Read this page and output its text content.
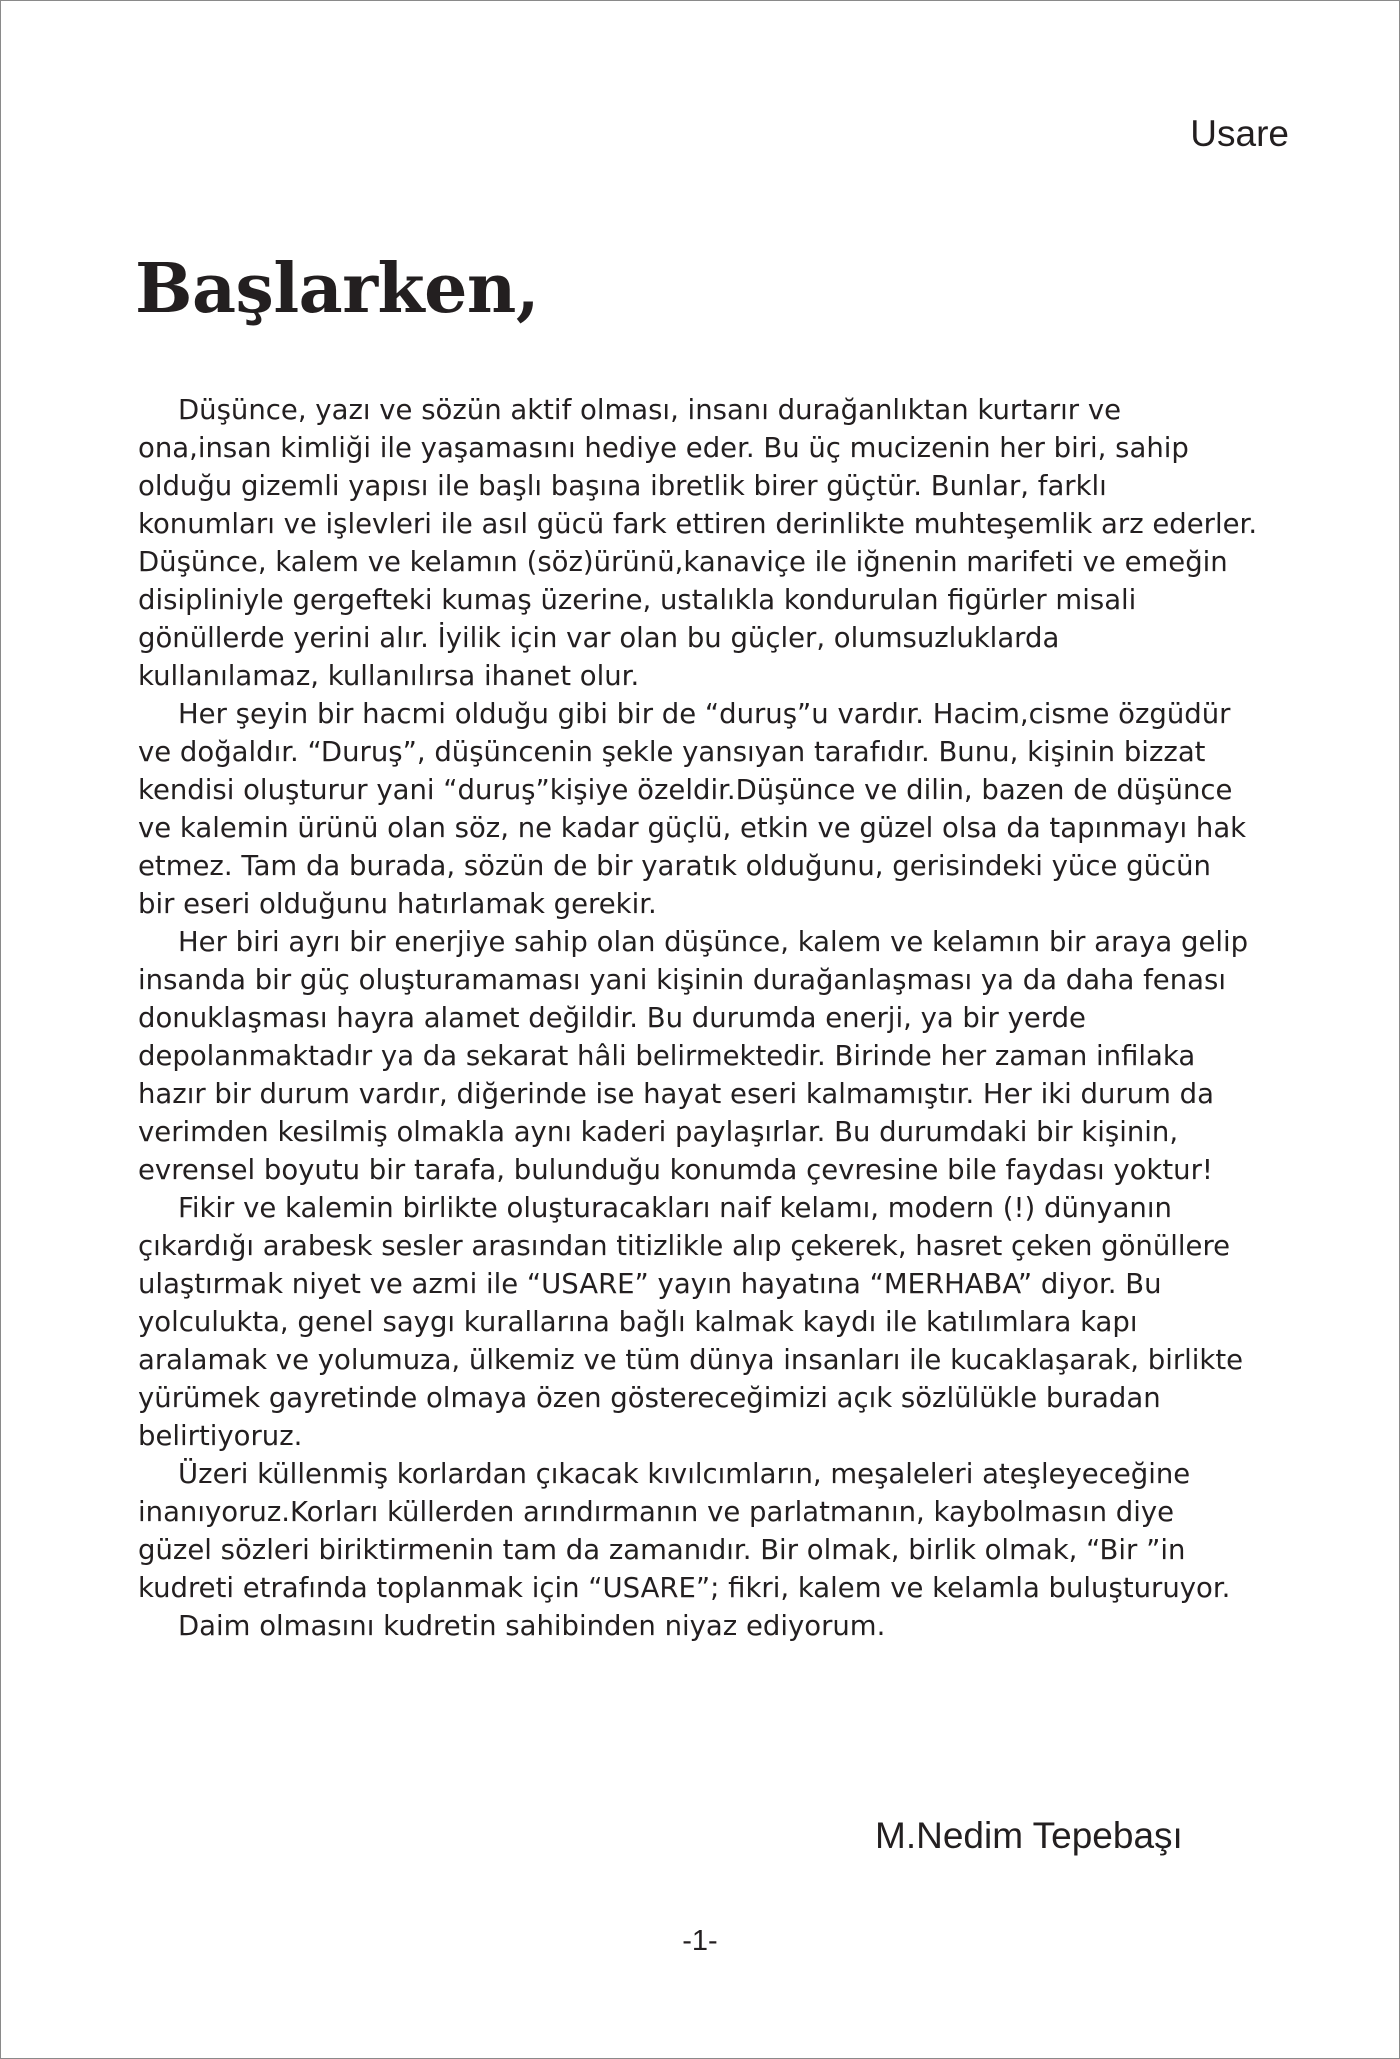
Usare
Başlarken,
Düşünce, yazı ve sözün aktif olması, insanı durağanlıktan kurtarır ve
ona,insan kimliği ile yaşamasını hediye eder. Bu üç mucizenin her biri, sahip
olduğu gizemli yapısı ile başlı başına ibretlik birer güçtür. Bunlar, farklı
konumları ve işlevleri ile asıl gücü fark ettiren derinlikte muhteşemlik arz ederler.
Düşünce, kalem ve kelamın (söz)ürünü,kanaviçe ile iğnenin marifeti ve emeğin
disipliniyle gergefteki kumaş üzerine, ustalıkla kondurulan figürler misali
gönüllerde yerini alır. İyilik için var olan bu güçler, olumsuzluklarda
kullanılamaz, kullanılırsa ihanet olur.
Her şeyin bir hacmi olduğu gibi bir de “duruş”u vardır. Hacim,cisme özgüdür
ve doğaldır. “Duruş”, düşüncenin şekle yansıyan tarafıdır. Bunu, kişinin bizzat
kendisi oluşturur yani “duruş”kişiye özeldir.Düşünce ve dilin, bazen de düşünce
ve kalemin ürünü olan söz, ne kadar güçlü, etkin ve güzel olsa da tapınmayı hak
etmez. Tam da burada, sözün de bir yaratık olduğunu, gerisindeki yüce gücün
bir eseri olduğunu hatırlamak gerekir.
Her biri ayrı bir enerjiye sahip olan düşünce, kalem ve kelamın bir araya gelip
insanda bir güç oluşturamaması yani kişinin durağanlaşması ya da daha fenası
donuklaşması hayra alamet değildir. Bu durumda enerji, ya bir yerde
depolanmaktadır ya da sekarat hâli belirmektedir. Birinde her zaman infilaka
hazır bir durum vardır, diğerinde ise hayat eseri kalmamıştır. Her iki durum da
verimden kesilmiş olmakla aynı kaderi paylaşırlar. Bu durumdaki bir kişinin,
evrensel boyutu bir tarafa, bulunduğu konumda çevresine bile faydası yoktur!
Fikir ve kalemin birlikte oluşturacakları naif kelamı, modern (!) dünyanın
çıkardığı arabesk sesler arasından titizlikle alıp çekerek, hasret çeken gönüllere
ulaştırmak niyet ve azmi ile “USARE” yayın hayatına “MERHABA” diyor. Bu
yolculukta, genel saygı kurallarına bağlı kalmak kaydı ile katılımlara kapı
aralamak ve yolumuza, ülkemiz ve tüm dünya insanları ile kucaklaşarak, birlikte
yürümek gayretinde olmaya özen göstereceğimizi açık sözlülükle buradan
belirtiyoruz.
Üzeri küllenmiş korlardan çıkacak kıvılcımların, meşaleleri ateşleyeceğine
inanıyoruz.Korları küllerden arındırmanın ve parlatmanın, kaybolmasın diye
güzel sözleri biriktirmenin tam da zamanıdır. Bir olmak, birlik olmak, “Bir ”in
kudreti etrafında toplanmak için “USARE”; fikri, kalem ve kelamla buluşturuyor.
Daim olmasını kudretin sahibinden niyaz ediyorum.
M.Nedim Tepebaşı
-1-
